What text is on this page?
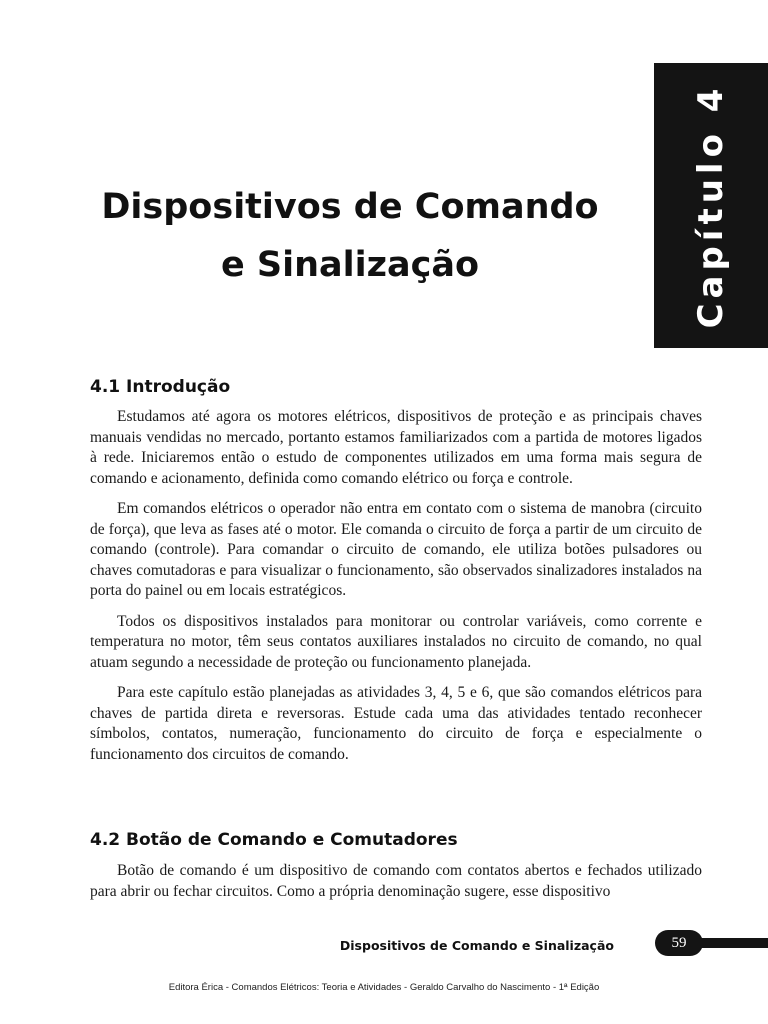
Capítulo 4
Dispositivos de Comando
e Sinalização
4.1 Introdução

Estudamos até agora os motores elétricos, dispositivos de proteção e as principais chaves manuais vendidas no mercado, portanto estamos familiarizados com a partida de motores ligados à rede. Iniciaremos então o estudo de componentes utilizados em uma forma mais segura de comando e acionamento, definida como comando elétrico ou força e controle.

Em comandos elétricos o operador não entra em contato com o sistema de manobra (circuito de força), que leva as fases até o motor. Ele comanda o circuito de força a partir de um circuito de comando (controle). Para comandar o circuito de comando, ele utiliza botões pulsadores ou chaves comutadoras e para visualizar o funcionamento, são observados sinalizadores instalados na porta do painel ou em locais estratégicos.

Todos os dispositivos instalados para monitorar ou controlar variáveis, como corrente e temperatura no motor, têm seus contatos auxiliares instalados no circuito de comando, no qual atuam segundo a necessidade de proteção ou funcionamento planejada.

Para este capítulo estão planejadas as atividades 3, 4, 5 e 6, que são comandos elétricos para chaves de partida direta e reversoras. Estude cada uma das atividades tentado reconhecer símbolos, contatos, numeração, funcionamento do circuito de força e especialmente o funcionamento dos circuitos de comando.

4.2 Botão de Comando e Comutadores

Botão de comando é um dispositivo de comando com contatos abertos e fechados utilizado para abrir ou fechar circuitos. Como a própria denominação sugere, esse dispositivo

Dispositivos de Comando e Sinalização	59
Editora Érica - Comandos Elétricos: Teoria e Atividades - Geraldo Carvalho do Nascimento - 1ª Edição
